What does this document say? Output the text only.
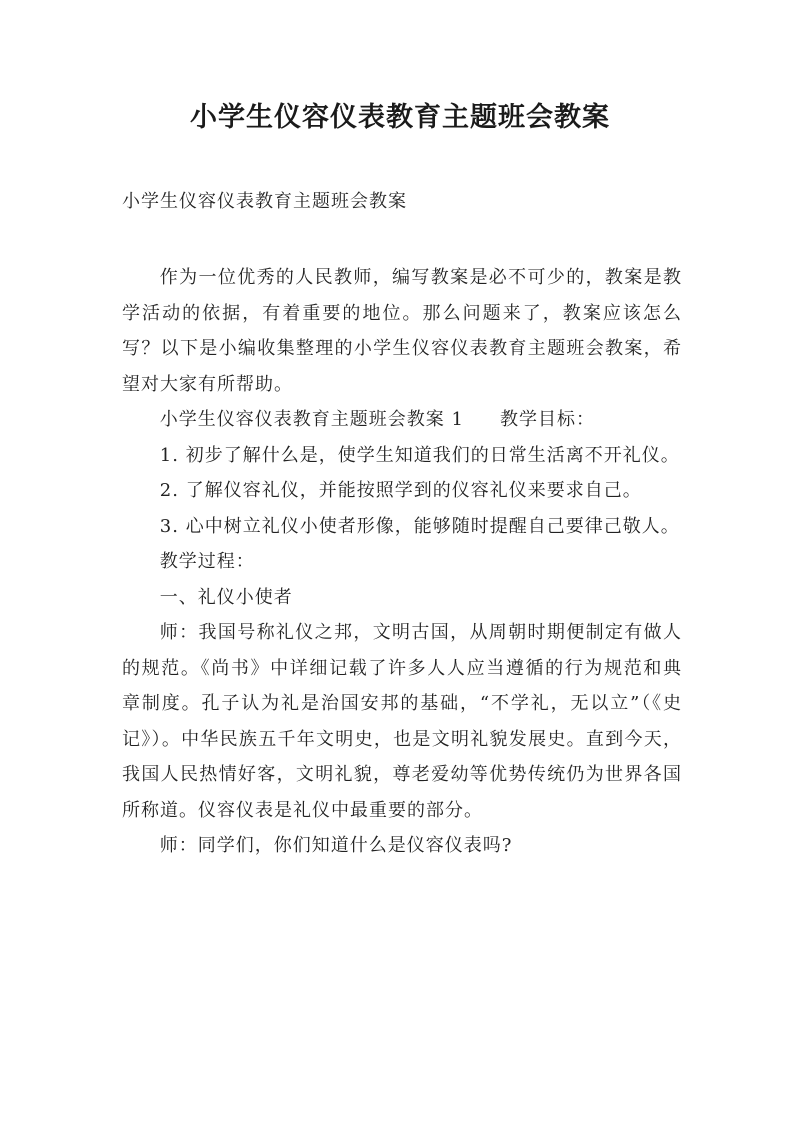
小学生仪容仪表教育主题班会教案
小学生仪容仪表教育主题班会教案

作为一位优秀的人民教师，编写教案是必不可少的，教案是教学活动的依据，有着重要的地位。那么问题来了，教案应该怎么写？以下是小编收集整理的小学生仪容仪表教育主题班会教案，希望对大家有所帮助。

小学生仪容仪表教育主题班会教案 1 教学目标：

1. 初步了解什么是，使学生知道我们的日常生活离不开礼仪。

2. 了解仪容礼仪，并能按照学到的仪容礼仪来要求自己。

3. 心中树立礼仪小使者形像，能够随时提醒自己要律己敬人。

教学过程：

一、礼仪小使者

师：我国号称礼仪之邦，文明古国，从周朝时期便制定有做人的规范。《尚书》中详细记载了许多人人应当遵循的行为规范和典章制度。孔子认为礼是治国安邦的基础，“不学礼，无以立”（《史记》）。中华民族五千年文明史，也是文明礼貌发展史。直到今天，我国人民热情好客，文明礼貌，尊老爱幼等优势传统仍为世界各国所称道。仪容仪表是礼仪中最重要的部分。

师：同学们，你们知道什么是仪容仪表吗?
